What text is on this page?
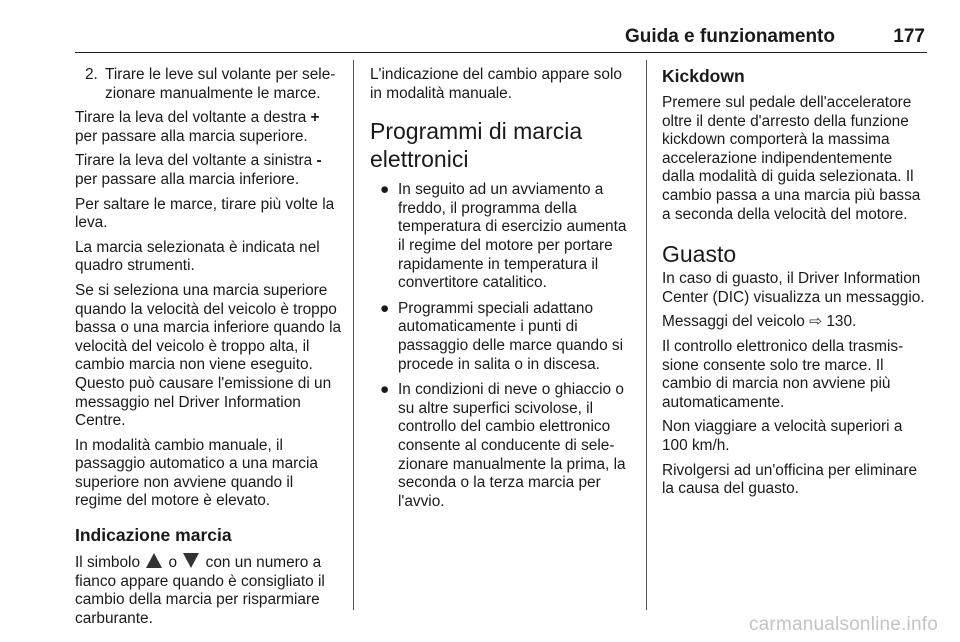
Guida e funzionamento	177
2. Tirare le leve sul volante per selezionare manualmente le marce.

Tirare la leva del voltante a destra + per passare alla marcia superiore.

Tirare la leva del voltante a sinistra - per passare alla marcia inferiore.

Per saltare le marce, tirare più volte la leva.

La marcia selezionata è indicata nel quadro strumenti.

Se si seleziona una marcia superiore quando la velocità del veicolo è troppo bassa o una marcia inferiore quando la velocità del veicolo è troppo alta, il cambio marcia non viene eseguito. Questo può causare l'emissione di un messaggio nel Driver Information Centre.

In modalità cambio manuale, il passaggio automatico a una marcia superiore non avviene quando il regime del motore è elevato.

Indicazione marcia

Il simbolo  o  con un numero a fianco appare quando è consigliato il cambio della marcia per risparmiare carburante.

L'indicazione del cambio appare solo in modalità manuale.

Programmi di marcia elettronici
● In seguito ad un avviamento a freddo, il programma della temperatura di esercizio aumenta il regime del motore per portare rapidamente in temperatura il convertitore catalitico.
● Programmi speciali adattano automaticamente i punti di passaggio delle marce quando si procede in salita o in discesa.
● In condizioni di neve o ghiaccio o su altre superfici scivolose, il controllo del cambio elettronico consente al conducente di selezionare manualmente la prima, la seconda o la terza marcia per l'avvio.
Kickdown

Premere sul pedale dell'acceleratore oltre il dente d'arresto della funzione kickdown comporterà la massima accelerazione indipendentemente dalla modalità di guida selezionata. Il cambio passa a una marcia più bassa a seconda della velocità del motore.

Guasto

In caso di guasto, il Driver Information Center (DIC) visualizza un messaggio.

Messaggi del veicolo ⇨ 130.

Il controllo elettronico della trasmissione consente solo tre marce. Il cambio di marcia non avviene più automaticamente.

Non viaggiare a velocità superiori a 100 km/h.

Rivolgersi ad un'officina per eliminare la causa del guasto.

carmanualsonline.info
